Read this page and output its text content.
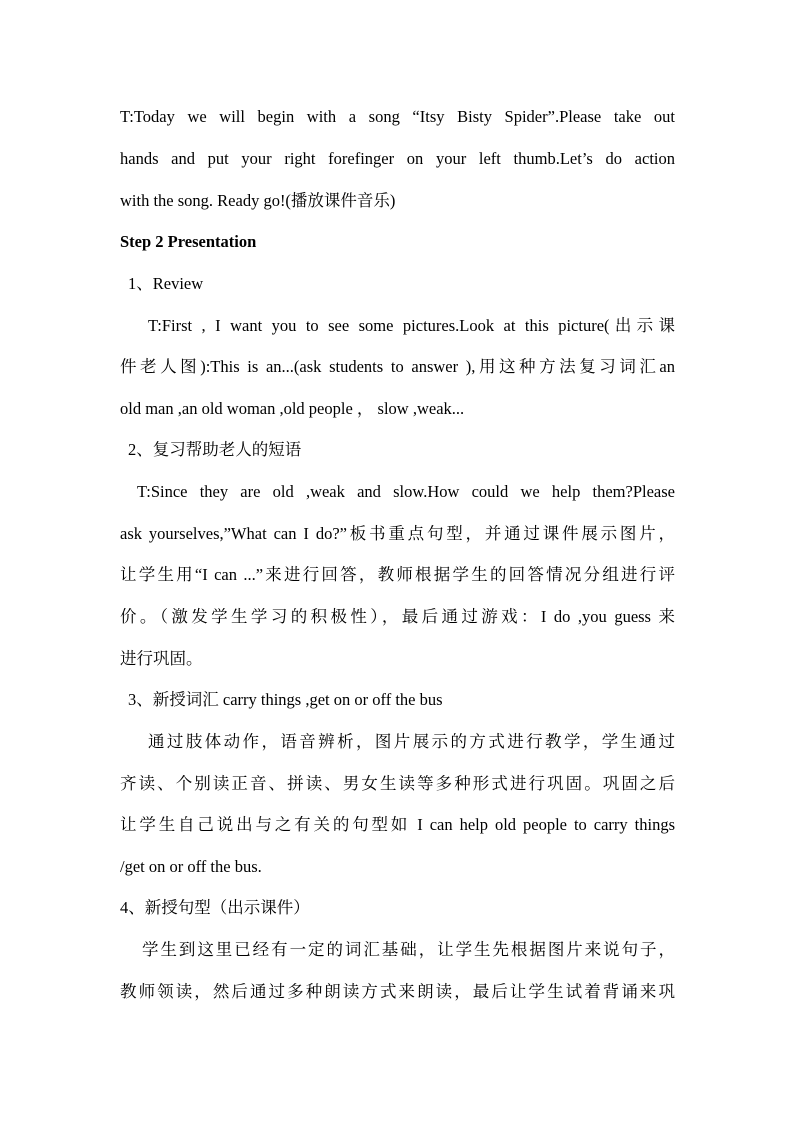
T:Today we will begin with a song “Itsy Bisty Spider”.Please take out
hands and put your right forefinger on your left thumb.Let’s do action
with the song. Ready go!(播放课件音乐)
Step 2 Presentation
1、Review
T:First , I want you to see some pictures.Look at this picture(出示课
件老人图):This is an...(ask students to answer ),用这种方法复习词汇an
old man ,an old woman ,old people ， slow ,weak...
2、复习帮助老人的短语
T:Since they are old ,weak and slow.How could we help them?Please
ask yourselves,”What can I do?”板书重点句型，并通过课件展示图片，
让学生用“I can ...”来进行回答，教师根据学生的回答情况分组进行评
价。（激发学生学习的积极性），最后通过游戏：I do ,you guess 来
进行巩固。
3、新授词汇 carry things ,get on or off the bus
通过肢体动作，语音辨析，图片展示的方式进行教学，学生通过
齐读、个别读正音、拼读、男女生读等多种形式进行巩固。巩固之后
让学生自己说出与之有关的句型如 I can help old people to carry things
/get on or off the bus.
4、新授句型（出示课件）
学生到这里已经有一定的词汇基础，让学生先根据图片来说句子，
教师领读，然后通过多种朗读方式来朗读，最后让学生试着背诵来巩
